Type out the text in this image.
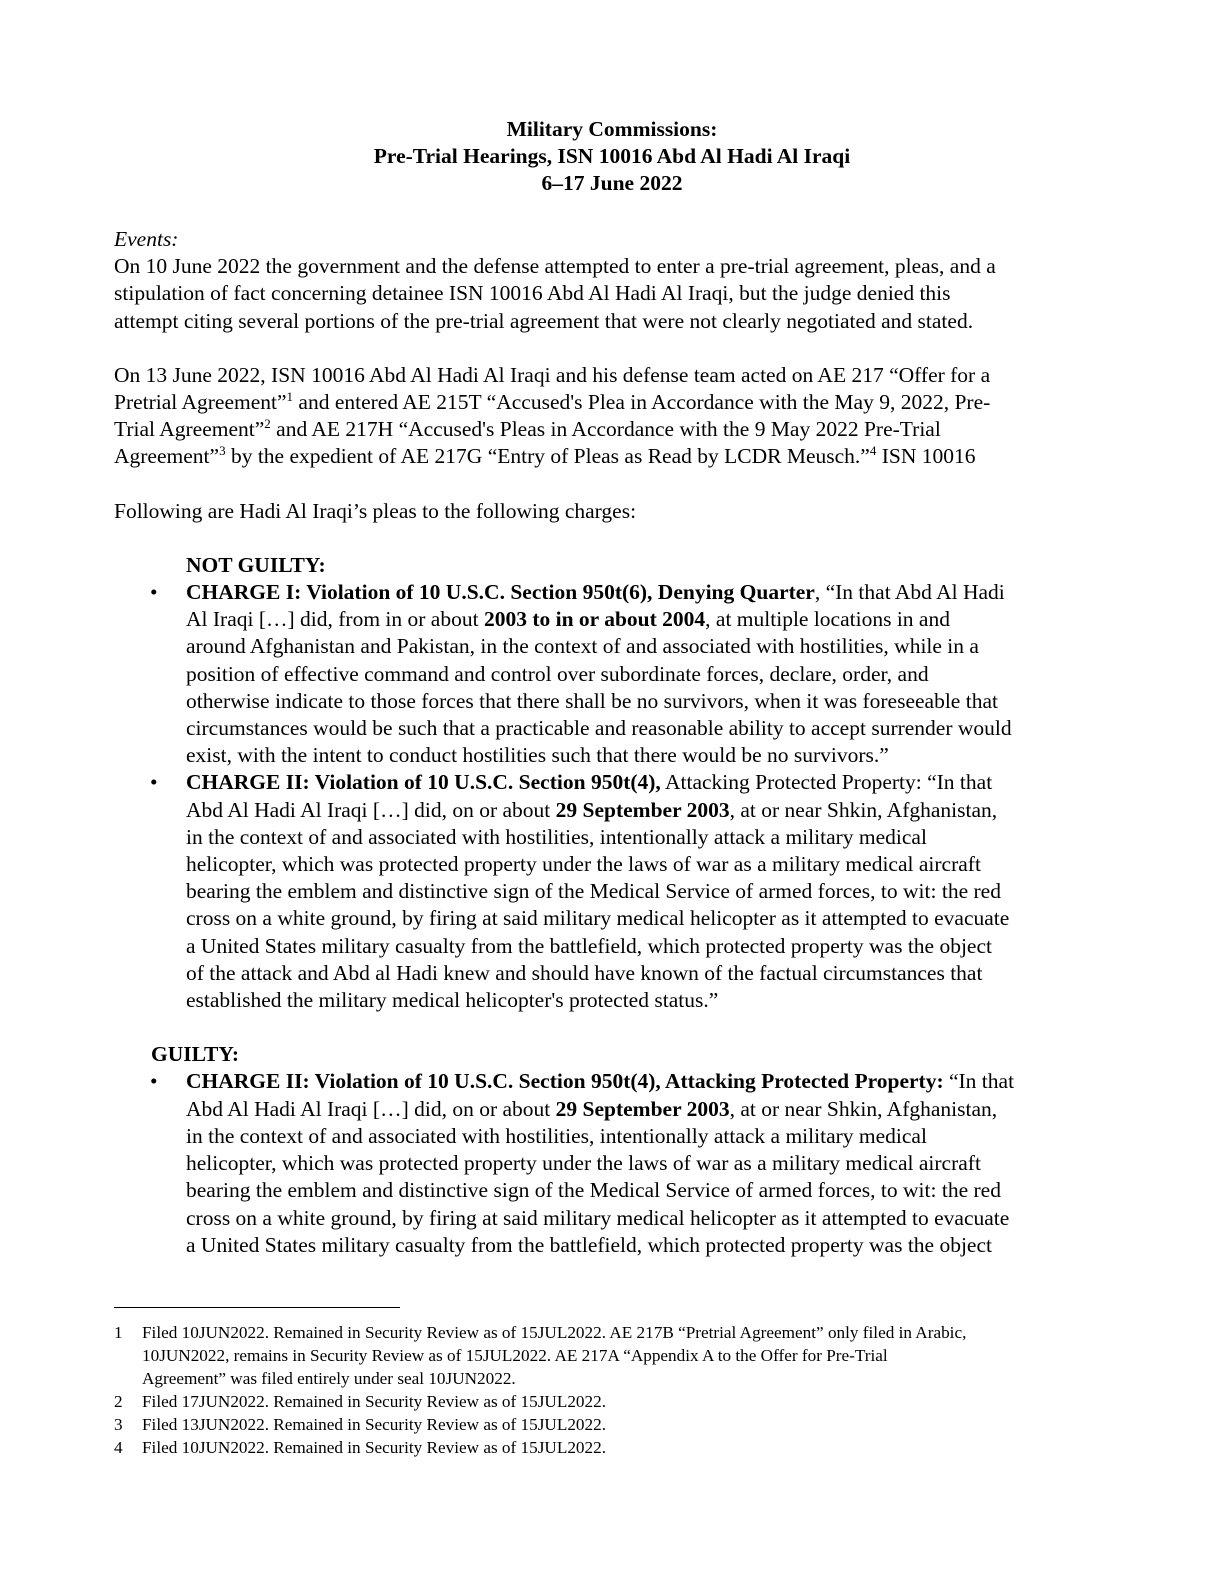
Military Commissions:
Pre-Trial Hearings, ISN 10016 Abd Al Hadi Al Iraqi
6–17 June 2022
Events:
On 10 June 2022 the government and the defense attempted to enter a pre-trial agreement, pleas, and a
stipulation of fact concerning detainee ISN 10016 Abd Al Hadi Al Iraqi, but the judge denied this
attempt citing several portions of the pre-trial agreement that were not clearly negotiated and stated.
On 13 June 2022, ISN 10016 Abd Al Hadi Al Iraqi and his defense team acted on AE 217 “Offer for a
Pretrial Agreement”$^1$ and entered AE 215T “Accused's Plea in Accordance with the May 9, 2022, Pre-
Trial Agreement”$^2$ and AE 217H “Accused's Pleas in Accordance with the 9 May 2022 Pre-Trial
Agreement”$^3$ by the expedient of AE 217G “Entry of Pleas as Read by LCDR Meusch.”$^4$ ISN 10016
Following are Hadi Al Iraqi’s pleas to the following charges:
NOT GUILTY:
• CHARGE I: Violation of 10 U.S.C. Section 950t(6), Denying Quarter, “In that Abd Al Hadi
Al Iraqi […] did, from in or about 2003 to in or about 2004, at multiple locations in and
around Afghanistan and Pakistan, in the context of and associated with hostilities, while in a
position of effective command and control over subordinate forces, declare, order, and
otherwise indicate to those forces that there shall be no survivors, when it was foreseeable that
circumstances would be such that a practicable and reasonable ability to accept surrender would
exist, with the intent to conduct hostilities such that there would be no survivors.”
• CHARGE II: Violation of 10 U.S.C. Section 950t(4), Attacking Protected Property: “In that
Abd Al Hadi Al Iraqi […] did, on or about 29 September 2003, at or near Shkin, Afghanistan,
in the context of and associated with hostilities, intentionally attack a military medical
helicopter, which was protected property under the laws of war as a military medical aircraft
bearing the emblem and distinctive sign of the Medical Service of armed forces, to wit: the red
cross on a white ground, by firing at said military medical helicopter as it attempted to evacuate
a United States military casualty from the battlefield, which protected property was the object
of the attack and Abd al Hadi knew and should have known of the factual circumstances that
established the military medical helicopter's protected status.”
GUILTY:
• CHARGE II: Violation of 10 U.S.C. Section 950t(4), Attacking Protected Property: “In that
Abd Al Hadi Al Iraqi […] did, on or about 29 September 2003, at or near Shkin, Afghanistan,
in the context of and associated with hostilities, intentionally attack a military medical
helicopter, which was protected property under the laws of war as a military medical aircraft
bearing the emblem and distinctive sign of the Medical Service of armed forces, to wit: the red
cross on a white ground, by firing at said military medical helicopter as it attempted to evacuate
a United States military casualty from the battlefield, which protected property was the object
1 Filed 10JUN2022. Remained in Security Review as of 15JUL2022. AE 217B “Pretrial Agreement” only filed in Arabic,
10JUN2022, remains in Security Review as of 15JUL2022. AE 217A “Appendix A to the Offer for Pre-Trial
Agreement” was filed entirely under seal 10JUN2022.
2 Filed 17JUN2022. Remained in Security Review as of 15JUL2022.
3 Filed 13JUN2022. Remained in Security Review as of 15JUL2022.
4 Filed 10JUN2022. Remained in Security Review as of 15JUL2022.
